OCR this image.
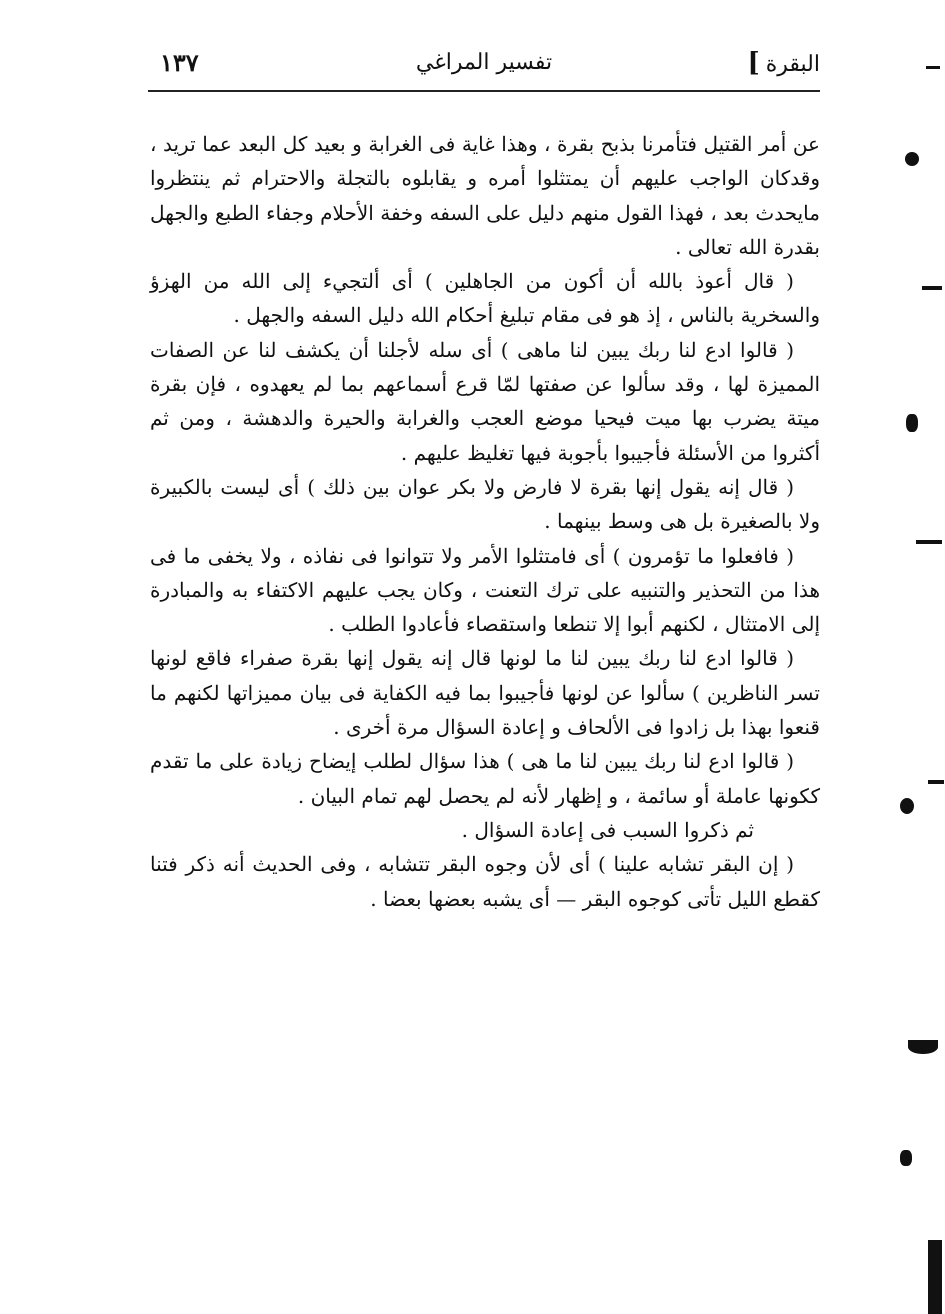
البقرة]
تفسير المراغي
١٣٧

عن أمر القتيل فتأمرنا بذبح بقرة ، وهذا غاية فى الغرابة و بعيد كل البعد عما تريد ، وقدكان الواجب عليهم أن يمتثلوا أمره و يقابلوه بالتجلة والاحترام ثم ينتظروا مايحدث بعد ، فهذا القول منهم دليل على السفه وخفة الأحلام وجفاء الطبع والجهل بقدرة الله تعالى .

( قال أعوذ بالله أن أكون من الجاهلين ) أى ألتجيء إلى الله من الهزؤ والسخرية بالناس ، إذ هو فى مقام تبليغ أحكام الله دليل السفه والجهل .

( قالوا ادع لنا ربك يبين لنا ماهى ) أى سله لأجلنا أن يكشف لنا عن الصفات المميزة لها ، وقد سألوا عن صفتها لمّا قرع أسماعهم بما لم يعهدوه ، فإن بقرة ميتة يضرب بها ميت فيحيا موضع العجب والغرابة والحيرة والدهشة ، ومن ثم أكثروا من الأسئلة فأجيبوا بأجوبة فيها تغليظ عليهم .

( قال إنه يقول إنها بقرة لا فارض ولا بكر عوان بين ذلك ) أى ليست بالكبيرة ولا بالصغيرة بل هى وسط بينهما .

( فافعلوا ما تؤمرون ) أى فامتثلوا الأمر ولا تتوانوا فى نفاذه ، ولا يخفى ما فى هذا من التحذير والتنبيه على ترك التعنت ، وكان يجب عليهم الاكتفاء به والمبادرة إلى الامتثال ، لكنهم أبوا إلا تنطعا واستقصاء فأعادوا الطلب .

( قالوا ادع لنا ربك يبين لنا ما لونها قال إنه يقول إنها بقرة صفراء فاقع لونها تسر الناظرين ) سألوا عن لونها فأجيبوا بما فيه الكفاية فى بيان مميزاتها لكنهم ما قنعوا بهذا بل زادوا فى الألحاف و إعادة السؤال مرة أخرى .

( قالوا ادع لنا ربك يبين لنا ما هى ) هذا سؤال لطلب إيضاح زيادة على ما تقدم ككونها عاملة أو سائمة ، و إظهار لأنه لم يحصل لهم تمام البيان .

ثم ذكروا السبب فى إعادة السؤال .

( إن البقر تشابه علينا ) أى لأن وجوه البقر تتشابه ، وفى الحديث أنه ذكر فتنا كقطع الليل تأتى كوجوه البقر — أى يشبه بعضها بعضا .
